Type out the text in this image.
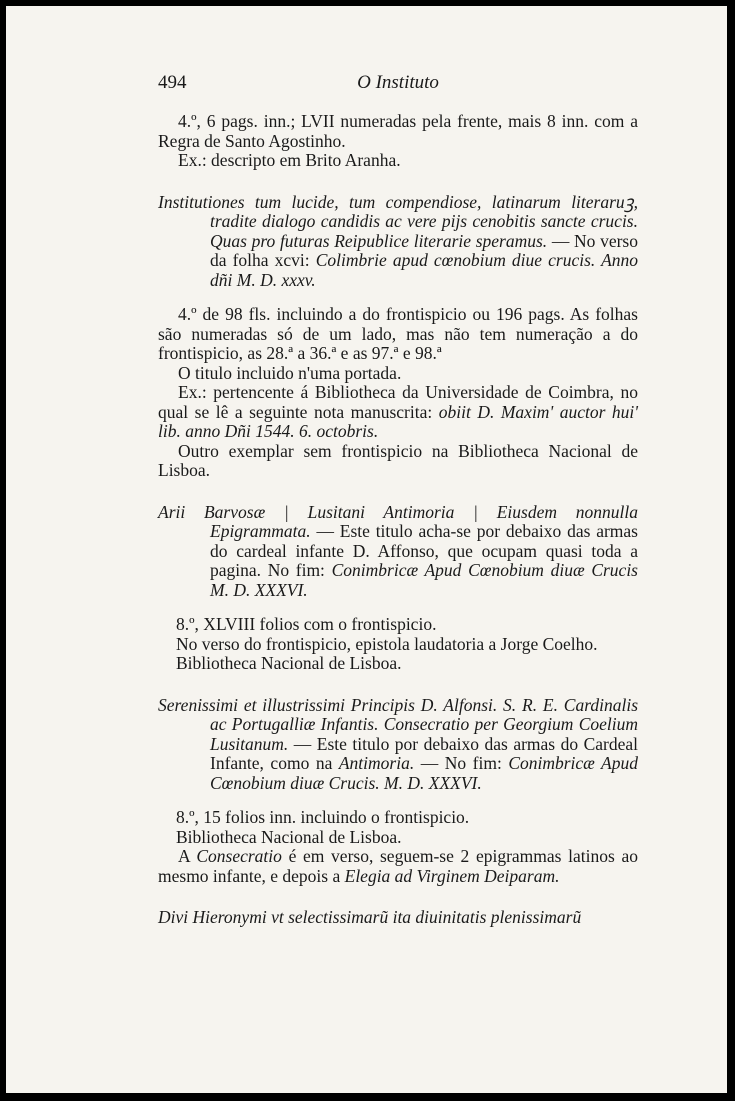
494	O Instituto

4.º, 6 pags. inn.; LVII numeradas pela frente, mais 8 inn. com a Regra de Santo Agostinho.

Ex.: descripto em Brito Aranha.

Institutiones tum lucide, tum compendiose, latinarum literaruꝫ, tradite dialogo candidis ac vere pijs cenobitis sancte crucis. Quas pro futuras Reipublice literarie speramus. — No verso da folha xcvi: Colimbrie apud cœnobium diue crucis. Anno dñi M. D. xxxv.

4.º de 98 fls. incluindo a do frontispicio ou 196 pags. As folhas são numeradas só de um lado, mas não tem numeração a do frontispicio, as 28.ª a 36.ª e as 97.ª e 98.ª

O titulo incluido n'uma portada.

Ex.: pertencente á Bibliotheca da Universidade de Coimbra, no qual se lê a seguinte nota manuscrita: obiit D. Maxim' auctor hui' lib. anno Dñi 1544. 6. octobris.

Outro exemplar sem frontispicio na Bibliotheca Nacional de Lisboa.

Arii Barvosæ | Lusitani Antimoria | Eiusdem nonnulla Epigrammata. — Este titulo acha-se por debaixo das armas do cardeal infante D. Affonso, que ocupam quasi toda a pagina. No fim: Conimbricæ Apud Cœnobium diuæ Crucis M. D. XXXVI.

8.º, XLVIII folios com o frontispicio.

No verso do frontispicio, epistola laudatoria a Jorge Coelho.

Bibliotheca Nacional de Lisboa.

Serenissimi et illustrissimi Principis D. Alfonsi. S. R. E. Cardinalis ac Portugalliæ Infantis. Consecratio per Georgium Coelium Lusitanum. — Este titulo por debaixo das armas do Cardeal Infante, como na Antimoria. — No fim: Conimbricæ Apud Cœnobium diuæ Crucis. M. D. XXXVI.

8.º, 15 folios inn. incluindo o frontispicio.

Bibliotheca Nacional de Lisboa.

A Consecratio é em verso, seguem-se 2 epigrammas latinos ao mesmo infante, e depois a Elegia ad Virginem Deiparam.

Divi Hieronymi vt selectissimarũ ita diuinitatis plenissimarũ
